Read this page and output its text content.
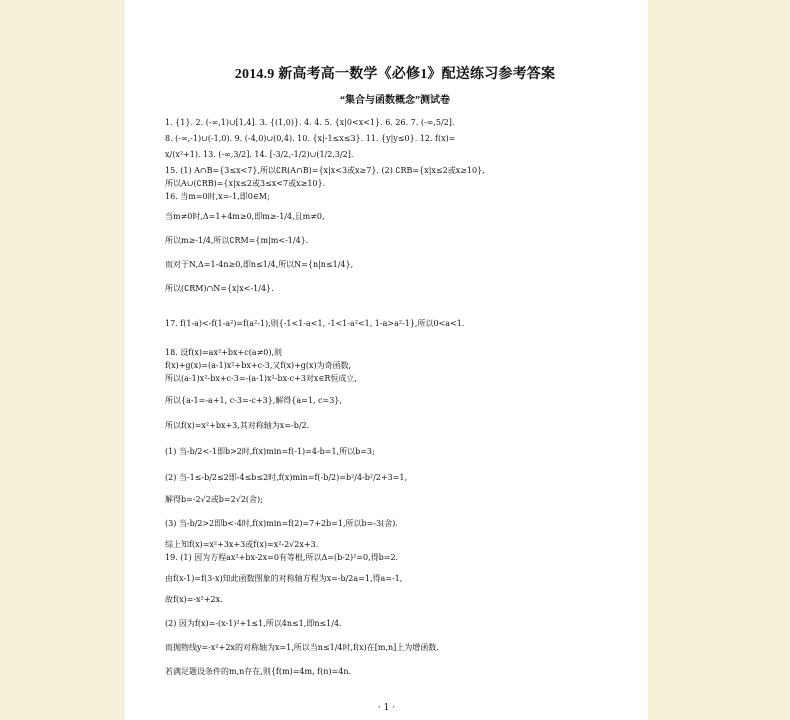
2014.9 新高考高一数学《必修1》配送练习参考答案
“集合与函数概念”测试卷
1. {1}. 2. (-∞,1)∪[1,4]. 3. {(1,0)}. 4. 4. 5. {x|0<x<1}. 6. 26. 7. (-∞,5/2].
8. (-∞,-1)∪(-1,0). 9. (-4,0)∪(0,4). 10. {x|-1≤x≤3}. 11. {y|y≤0}. 12. f(x)=
x/(x²+1). 13. (-∞,3/2]. 14. [-3/2,-1/2)∪(1/2,3/2].
15. (1) A∩B={3≤x<7},所以∁R(A∩B)={x|x<3或x≥7}. (2) ∁RB={x|x≤2或x≥10},
所以A∪(∁RB)={x|x≤2或3≤x<7或x≥10}.
16. 当m=0时,x=-1,即0∈M;
当m≠0时,Δ=1+4m≥0,即m≥-1/4,且m≠0,
所以m≥-1/4,所以∁RM={m|m<-1/4}.
而对于N,Δ=1-4n≥0,即n≤1/4,所以N={n|n≤1/4},
所以(∁RM)∩N={x|x<-1/4}.
17. f(1-a)<-f(1-a²)=f(a²-1),则{-1<1-a<1, -1<1-a²<1, 1-a>a²-1},所以0<a<1.
18. 设f(x)=ax²+bx+c(a≠0),则
f(x)+g(x)=(a-1)x²+bx+c-3,又f(x)+g(x)为奇函数,
所以(a-1)x²-bx+c-3=-(a-1)x²-bx-c+3对x∈R恒成立,
所以{a-1=-a+1, c-3=-c+3},解得{a=1, c=3},
所以f(x)=x²+bx+3,其对称轴为x=-b/2.
(1) 当-b/2<-1即b>2时,f(x)min=f(-1)=4-b=1,所以b=3;
(2) 当-1≤-b/2≤2即-4≤b≤2时,f(x)min=f(-b/2)=b²/4-b²/2+3=1,
解得b=-2√2或b=2√2(舍);
(3) 当-b/2>2即b<-4时,f(x)min=f(2)=7+2b=1,所以b=-3(舍).
综上知f(x)=x²+3x+3或f(x)=x²-2√2x+3.
19. (1) 因为方程ax²+bx-2x=0有等根,所以Δ=(b-2)²=0,得b=2.
由f(x-1)=f(3-x)知此函数图象的对称轴方程为x=-b/2a=1,得a=-1,
故f(x)=-x²+2x.
(2) 因为f(x)=-(x-1)²+1≤1,所以4n≤1,即n≤1/4.
而抛物线y=-x²+2x的对称轴为x=1,所以当n≤1/4时,f(x)在[m,n]上为增函数.
若满足题设条件的m,n存在,则{f(m)=4m, f(n)=4n.
· 1 ·
